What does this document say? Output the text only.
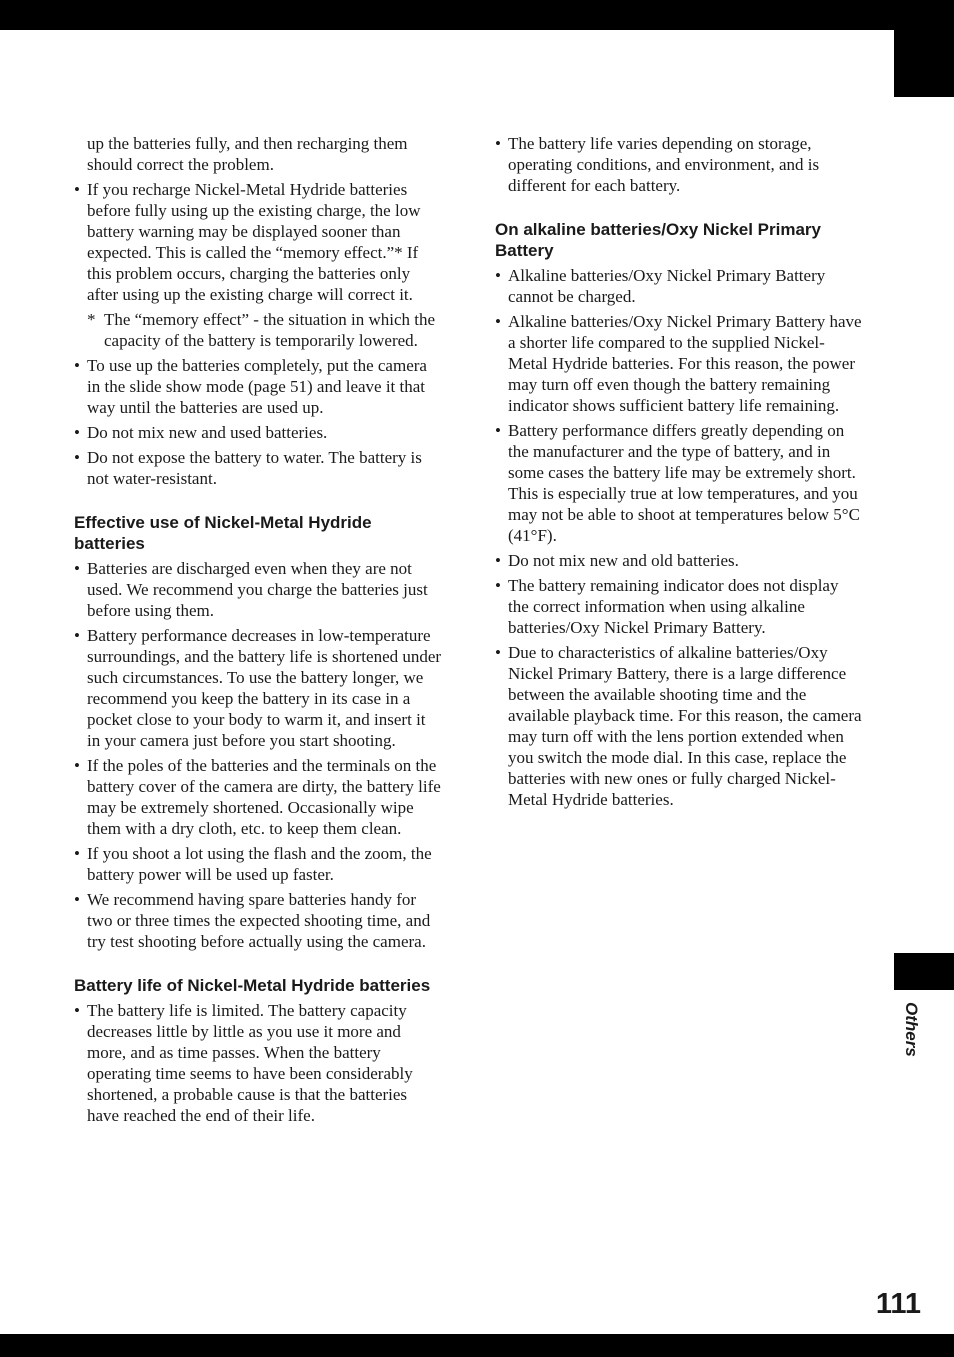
up the batteries fully, and then recharging them should correct the problem.

• If you recharge Nickel-Metal Hydride batteries before fully using up the existing charge, the low battery warning may be displayed sooner than expected. This is called the “memory effect.”* If this problem occurs, charging the batteries only after using up the existing charge will correct it.

* The “memory effect” - the situation in which the capacity of the battery is temporarily lowered.

• To use up the batteries completely, put the camera in the slide show mode (page 51) and leave it that way until the batteries are used up.

• Do not mix new and used batteries.

• Do not expose the battery to water. The battery is not water-resistant.

Effective use of Nickel-Metal Hydride batteries

• Batteries are discharged even when they are not used. We recommend you charge the batteries just before using them.

• Battery performance decreases in low-temperature surroundings, and the battery life is shortened under such circumstances. To use the battery longer, we recommend you keep the battery in its case in a pocket close to your body to warm it, and insert it in your camera just before you start shooting.

• If the poles of the batteries and the terminals on the battery cover of the camera are dirty, the battery life may be extremely shortened. Occasionally wipe them with a dry cloth, etc. to keep them clean.

• If you shoot a lot using the flash and the zoom, the battery power will be used up faster.

• We recommend having spare batteries handy for two or three times the expected shooting time, and try test shooting before actually using the camera.

Battery life of Nickel-Metal Hydride batteries

• The battery life is limited. The battery capacity decreases little by little as you use it more and more, and as time passes. When the battery operating time seems to have been considerably shortened, a probable cause is that the batteries have reached the end of their life.

• The battery life varies depending on storage, operating conditions, and environment, and is different for each battery.

On alkaline batteries/Oxy Nickel Primary Battery

• Alkaline batteries/Oxy Nickel Primary Battery cannot be charged.

• Alkaline batteries/Oxy Nickel Primary Battery have a shorter life compared to the supplied Nickel-Metal Hydride batteries. For this reason, the power may turn off even though the battery remaining indicator shows sufficient battery life remaining.

• Battery performance differs greatly depending on the manufacturer and the type of battery, and in some cases the battery life may be extremely short. This is especially true at low temperatures, and you may not be able to shoot at temperatures below 5°C (41°F).

• Do not mix new and old batteries.

• The battery remaining indicator does not display the correct information when using alkaline batteries/Oxy Nickel Primary Battery.

• Due to characteristics of alkaline batteries/Oxy Nickel Primary Battery, there is a large difference between the available shooting time and the available playback time. For this reason, the camera may turn off with the lens portion extended when you switch the mode dial. In this case, replace the batteries with new ones or fully charged Nickel-Metal Hydride batteries.

Others
111
